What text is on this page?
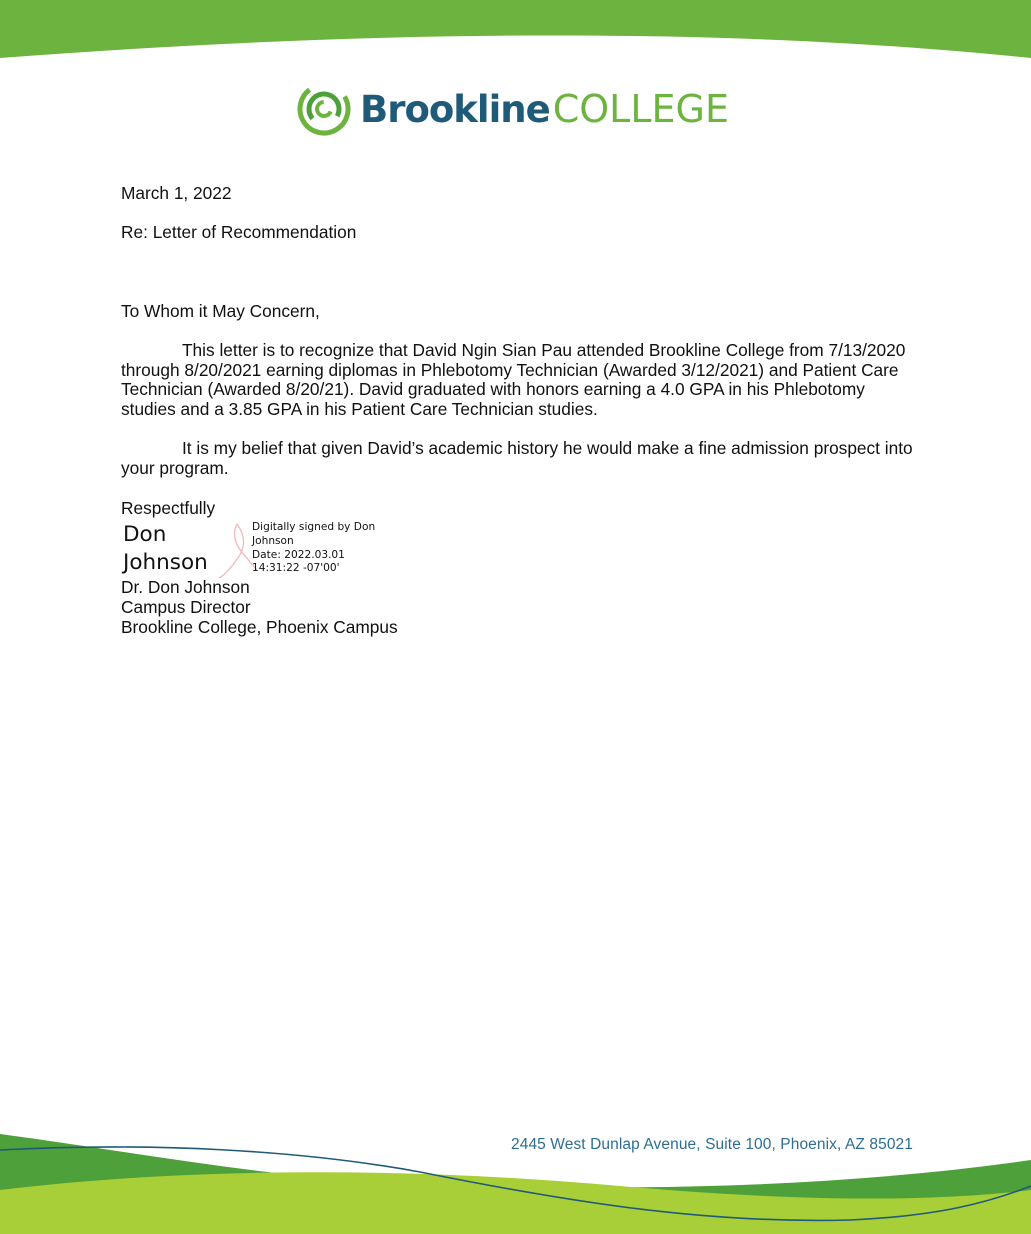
Brookline COLLEGE
March 1, 2022
Re: Letter of Recommendation
To Whom it May Concern,
This letter is to recognize that David Ngin Sian Pau attended Brookline College from 7/13/2020 through 8/20/2021 earning diplomas in Phlebotomy Technician (Awarded 3/12/2021) and Patient Care Technician (Awarded 8/20/21). David graduated with honors earning a 4.0 GPA in his Phlebotomy studies and a 3.85 GPA in his Patient Care Technician studies.
It is my belief that given David’s academic history he would make a fine admission prospect into your program.
Respectfully
Don
Johnson
Digitally signed by Don
Johnson
Date: 2022.03.01
14:31:22 -07'00'
Dr. Don Johnson
Campus Director
Brookline College, Phoenix Campus
2445 West Dunlap Avenue, Suite 100, Phoenix, AZ 85021
